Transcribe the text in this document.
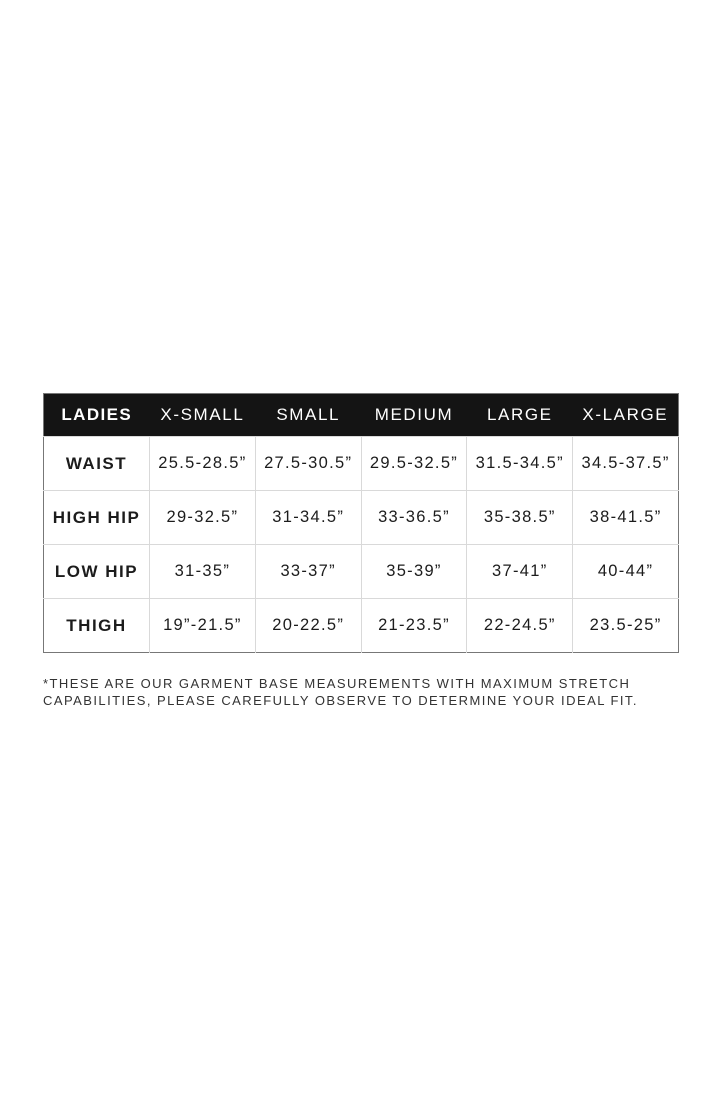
LADIES	X-SMALL	SMALL	MEDIUM	LARGE	X-LARGE
WAIST	25.5-28.5”	27.5-30.5”	29.5-32.5”	31.5-34.5”	34.5-37.5”
HIGH HIP	29-32.5”	31-34.5”	33-36.5”	35-38.5”	38-41.5”
LOW HIP	31-35”	33-37”	35-39”	37-41”	40-44”
THIGH	19”-21.5”	20-22.5”	21-23.5”	22-24.5”	23.5-25”

*THESE ARE OUR GARMENT BASE MEASUREMENTS WITH MAXIMUM STRETCH
CAPABILITIES, PLEASE CAREFULLY OBSERVE TO DETERMINE YOUR IDEAL FIT.
